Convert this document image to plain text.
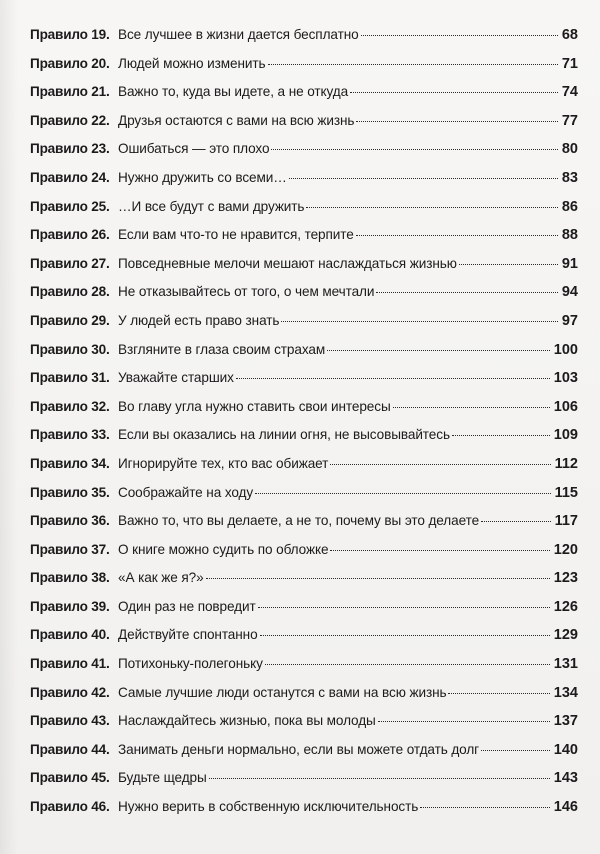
Правило 19. Все лучшее в жизни дается бесплатно	68
Правило 20. Людей можно изменить	71
Правило 21. Важно то, куда вы идете, а не откуда	74
Правило 22. Друзья остаются с вами на всю жизнь	77
Правило 23. Ошибаться — это плохо	80
Правило 24. Нужно дружить со всеми…	83
Правило 25. …И все будут с вами дружить	86
Правило 26. Если вам что-то не нравится, терпите	88
Правило 27. Повседневные мелочи мешают наслаждаться жизнью	91
Правило 28. Не отказывайтесь от того, о чем мечтали	94
Правило 29. У людей есть право знать	97
Правило 30. Взгляните в глаза своим страхам	100
Правило 31. Уважайте старших	103
Правило 32. Во главу угла нужно ставить свои интересы	106
Правило 33. Если вы оказались на линии огня, не высовывайтесь	109
Правило 34. Игнорируйте тех, кто вас обижает	112
Правило 35. Соображайте на ходу	115
Правило 36. Важно то, что вы делаете, а не то, почему вы это делаете	117
Правило 37. О книге можно судить по обложке	120
Правило 38. «А как же я?»	123
Правило 39. Один раз не повредит	126
Правило 40. Действуйте спонтанно	129
Правило 41. Потихоньку-полегоньку	131
Правило 42. Самые лучшие люди останутся с вами на всю жизнь	134
Правило 43. Наслаждайтесь жизнью, пока вы молоды	137
Правило 44. Занимать деньги нормально, если вы можете отдать долг	140
Правило 45. Будьте щедры	143
Правило 46. Нужно верить в собственную исключительность	146
